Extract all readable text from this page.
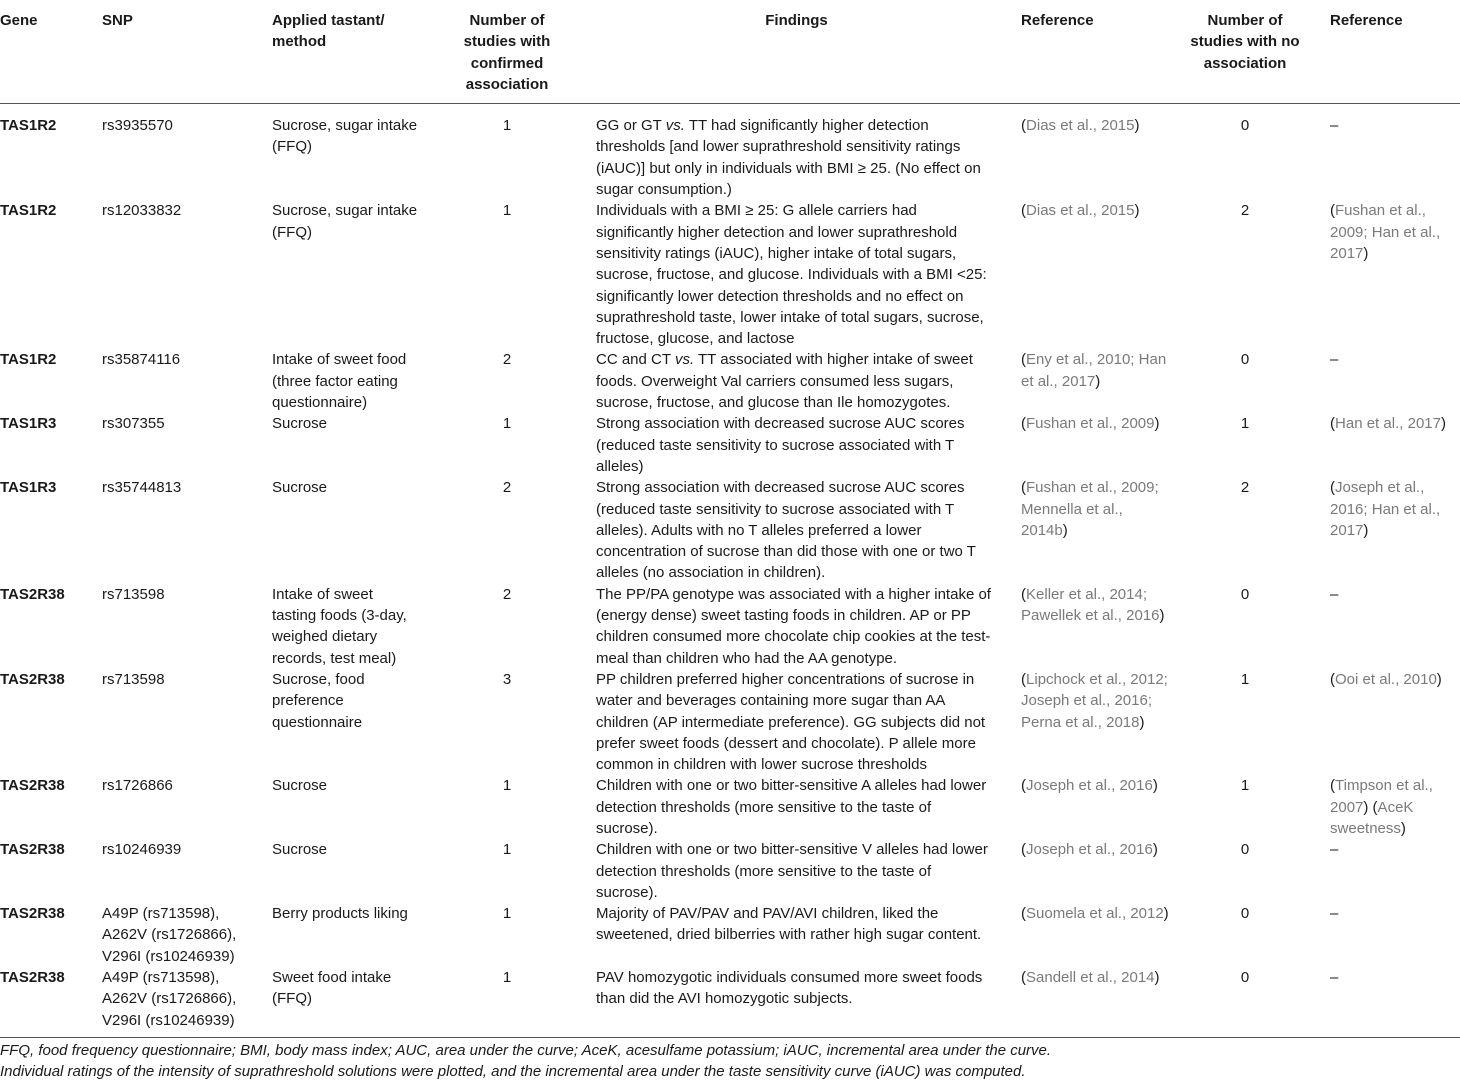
Gene	SNP	Applied tastant/ method	Number of studies with confirmed association	Findings	Reference	Number of studies with no association	Reference
TAS1R2	rs3935570	Sucrose, sugar intake (FFQ)	1	GG or GT vs. TT had significantly higher detection thresholds [and lower suprathreshold sensitivity ratings (iAUC)] but only in individuals with BMI ≥ 25. (No effect on sugar consumption.)	(Dias et al., 2015)	0	–
TAS1R2	rs12033832	Sucrose, sugar intake (FFQ)	1	Individuals with a BMI ≥ 25: G allele carriers had significantly higher detection and lower suprathreshold sensitivity ratings (iAUC), higher intake of total sugars, sucrose, fructose, and glucose. Individuals with a BMI <25: significantly lower detection thresholds and no effect on suprathreshold taste, lower intake of total sugars, sucrose, fructose, glucose, and lactose	(Dias et al., 2015)	2	(Fushan et al., 2009; Han et al., 2017)
TAS1R2	rs35874116	Intake of sweet food (three factor eating questionnaire)	2	CC and CT vs. TT associated with higher intake of sweet foods. Overweight Val carriers consumed less sugars, sucrose, fructose, and glucose than Ile homozygotes.	(Eny et al., 2010; Han et al., 2017)	0	–
TAS1R3	rs307355	Sucrose	1	Strong association with decreased sucrose AUC scores (reduced taste sensitivity to sucrose associated with T alleles)	(Fushan et al., 2009)	1	(Han et al., 2017)
TAS1R3	rs35744813	Sucrose	2	Strong association with decreased sucrose AUC scores (reduced taste sensitivity to sucrose associated with T alleles). Adults with no T alleles preferred a lower concentration of sucrose than did those with one or two T alleles (no association in children).	(Fushan et al., 2009; Mennella et al., 2014b)	2	(Joseph et al., 2016; Han et al., 2017)
TAS2R38	rs713598	Intake of sweet tasting foods (3-day, weighed dietary records, test meal)	2	The PP/PA genotype was associated with a higher intake of (energy dense) sweet tasting foods in children. AP or PP children consumed more chocolate chip cookies at the test-meal than children who had the AA genotype.	(Keller et al., 2014; Pawellek et al., 2016)	0	–
TAS2R38	rs713598	Sucrose, food preference questionnaire	3	PP children preferred higher concentrations of sucrose in water and beverages containing more sugar than AA children (AP intermediate preference). GG subjects did not prefer sweet foods (dessert and chocolate). P allele more common in children with lower sucrose thresholds	(Lipchock et al., 2012; Joseph et al., 2016; Perna et al., 2018)	1	(Ooi et al., 2010)
TAS2R38	rs1726866	Sucrose	1	Children with one or two bitter-sensitive A alleles had lower detection thresholds (more sensitive to the taste of sucrose).	(Joseph et al., 2016)	1	(Timpson et al., 2007) (AceK sweetness)
TAS2R38	rs10246939	Sucrose	1	Children with one or two bitter-sensitive V alleles had lower detection thresholds (more sensitive to the taste of sucrose).	(Joseph et al., 2016)	0	–
TAS2R38	A49P (rs713598), A262V (rs1726866), V296I (rs10246939)	Berry products liking	1	Majority of PAV/PAV and PAV/AVI children, liked the sweetened, dried bilberries with rather high sugar content.	(Suomela et al., 2012)	0	–
TAS2R38	A49P (rs713598), A262V (rs1726866), V296I (rs10246939)	Sweet food intake (FFQ)	1	PAV homozygotic individuals consumed more sweet foods than did the AVI homozygotic subjects.	(Sandell et al., 2014)	0	–
FFQ, food frequency questionnaire; BMI, body mass index; AUC, area under the curve; AceK, acesulfame potassium; iAUC, incremental area under the curve.
Individual ratings of the intensity of suprathreshold solutions were plotted, and the incremental area under the taste sensitivity curve (iAUC) was computed.
